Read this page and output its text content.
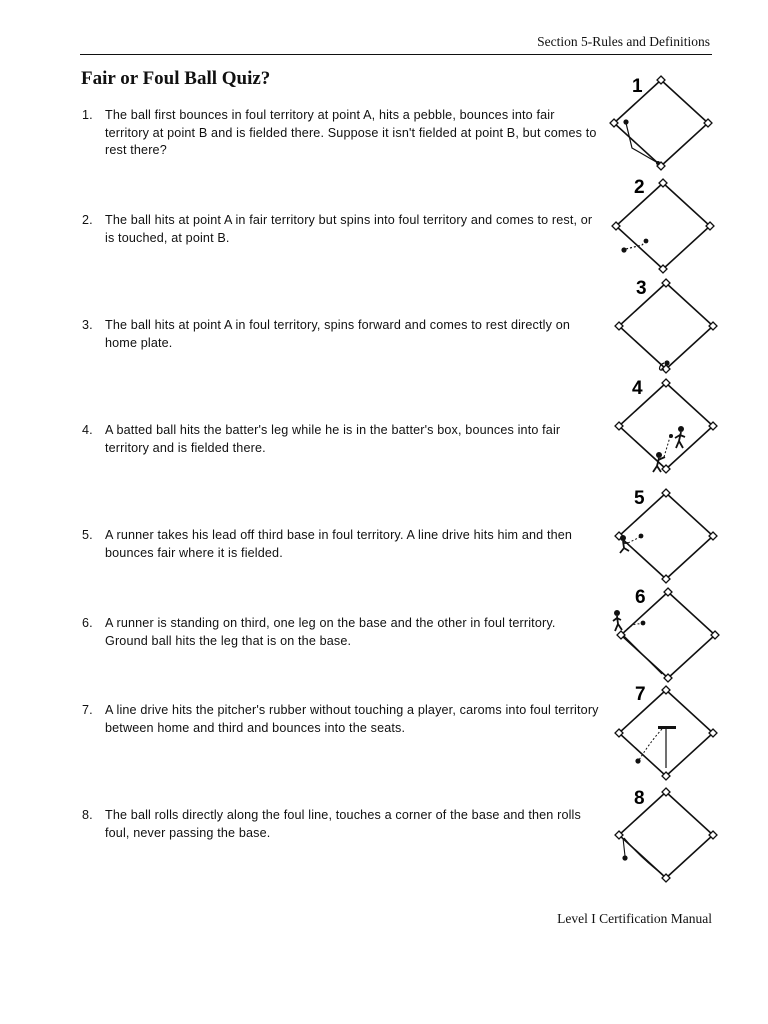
Section 5-Rules and Definitions
Fair or Foul Ball Quiz?
1. The ball first bounces in foul territory at point A, hits a pebble, bounces into fair territory at point B and is fielded there. Suppose it isn't fielded at point B, but comes to rest there?
2. The ball hits at point A in fair territory but spins into foul territory and comes to rest, or is touched, at point B.
3. The ball hits at point A in foul territory, spins forward and comes to rest directly on home plate.
4. A batted ball hits the batter's leg while he is in the batter's box, bounces into fair territory and is fielded there.
5. A runner takes his lead off third base in foul territory. A line drive hits him and then bounces fair where it is fielded.
6. A runner is standing on third, one leg on the base and the other in foul territory. Ground ball hits the leg that is on the base.
7. A line drive hits the pitcher's rubber without touching a player, caroms into foul territory between home and third and bounces into the seats.
8. The ball rolls directly along the foul line, touches a corner of the base and then rolls foul, never passing the base.
1
2
3
4
5
6
7
8
Level I Certification Manual
